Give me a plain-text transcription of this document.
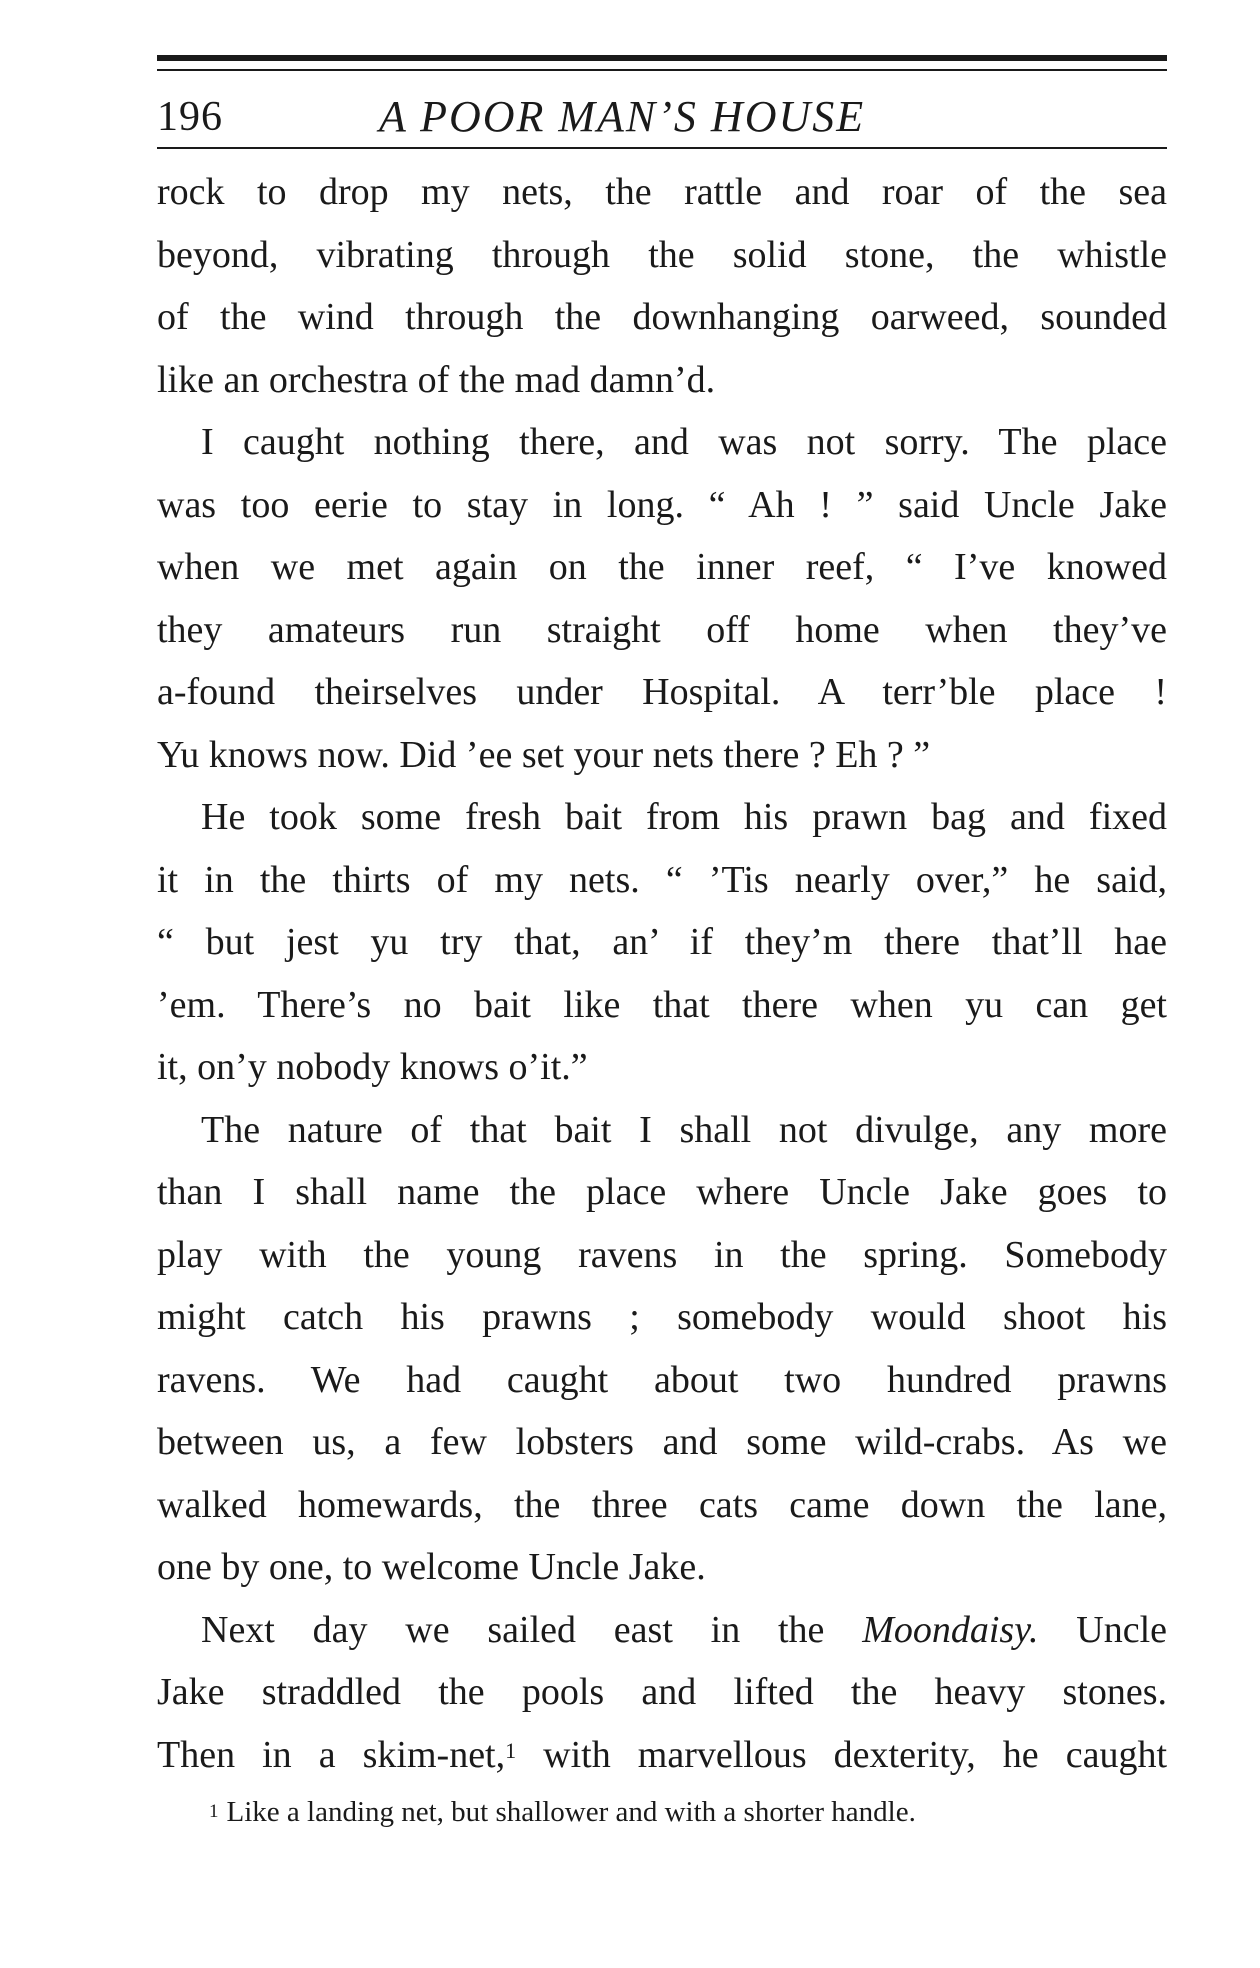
196	A POOR MAN’S HOUSE
rock to drop my nets, the rattle and roar of the sea
beyond, vibrating through the solid stone, the whistle
of the wind through the downhanging oarweed, sounded
like an orchestra of the mad damn’d.
I caught nothing there, and was not sorry. The place
was too eerie to stay in long. “ Ah ! ” said Uncle Jake
when we met again on the inner reef, “ I’ve knowed
they amateurs run straight off home when they’ve
a-found theirselves under Hospital. A terr’ble place !
Yu knows now. Did ’ee set your nets there ? Eh ? ”
He took some fresh bait from his prawn bag and fixed
it in the thirts of my nets. “ ’Tis nearly over,” he said,
“ but jest yu try that, an’ if they’m there that’ll hae
’em. There’s no bait like that there when yu can get
it, on’y nobody knows o’it.”
The nature of that bait I shall not divulge, any more
than I shall name the place where Uncle Jake goes to
play with the young ravens in the spring. Somebody
might catch his prawns ; somebody would shoot his
ravens. We had caught about two hundred prawns
between us, a few lobsters and some wild-crabs. As we
walked homewards, the three cats came down the lane,
one by one, to welcome Uncle Jake.
Next day we sailed east in the Moondaisy. Uncle
Jake straddled the pools and lifted the heavy stones.
Then in a skim-net,$^1$ with marvellous dexterity, he caught
$^1$ Like a landing net, but shallower and with a shorter handle.
